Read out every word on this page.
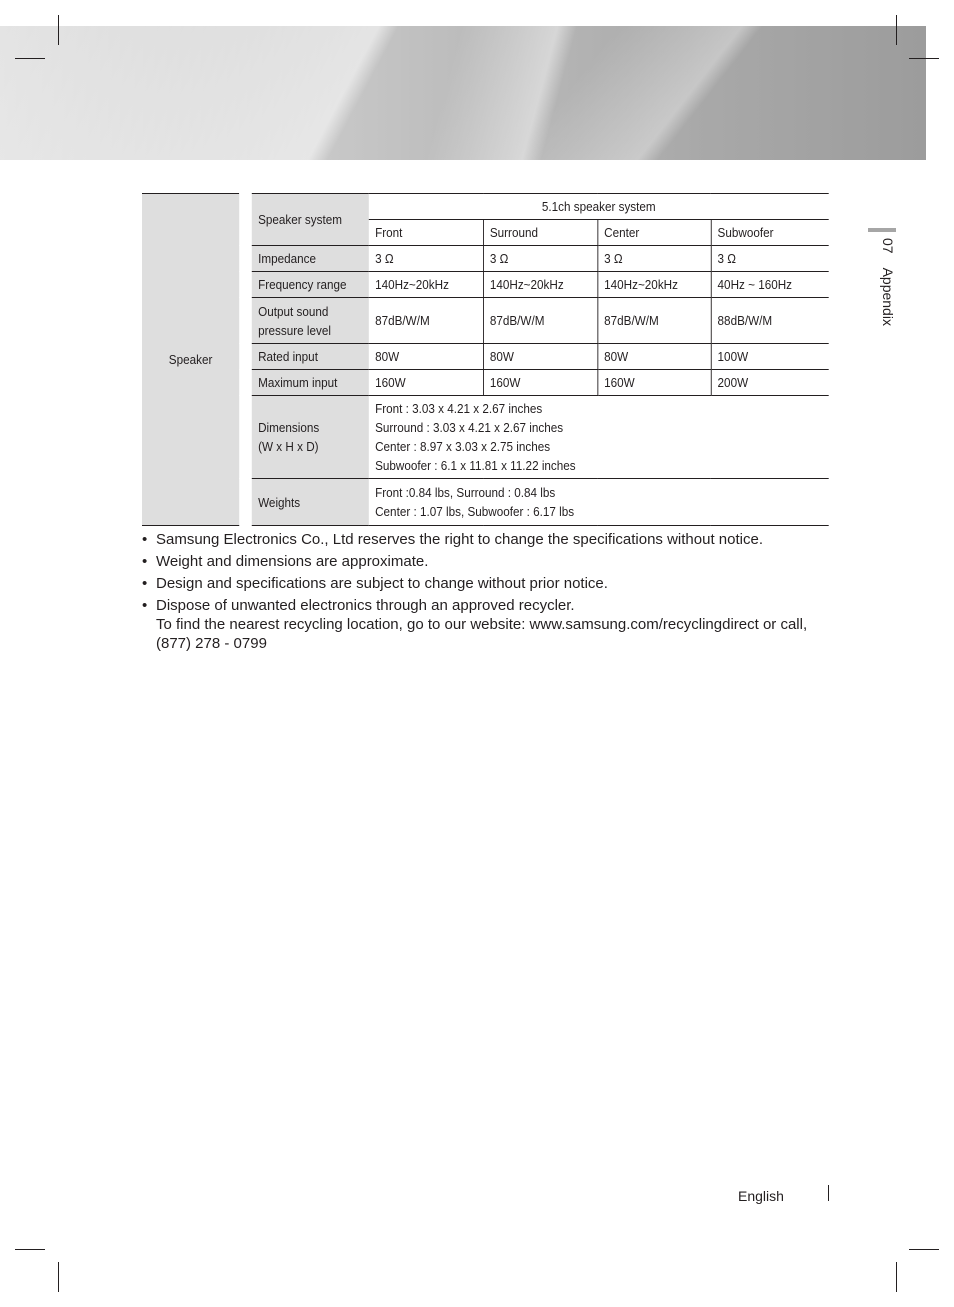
07Appendix
Speaker	Speaker system	5.1ch speaker system			
		Front	Surround	Center	Subwoofer
	Impedance	3 Ω	3 Ω	3 Ω	3 Ω
	Frequency range	140Hz~20kHz	140Hz~20kHz	140Hz~20kHz	40Hz ~ 160Hz

	Output sound
pressure level	87dB/W/M	87dB/W/M	87dB/W/M	88dB/W/M
	Rated input	80W	80W	80W	100W
	Maximum input	160W	160W	160W	200W

	Dimensions
(W x H x D)	Front : 3.03 x 4.21 x 2.67 inches
Surround : 3.03 x 4.21 x 2.67 inches
Center : 8.97 x 3.03 x 2.75 inches
Subwoofer : 6.1 x 11.81 x 11.22 inches			

	Weights	Front :0.84 lbs, Surround : 0.84 lbs
Center : 1.07 lbs, Subwoofer : 6.17 lbs			
• Samsung Electronics Co., Ltd reserves the right to change the specifications without notice.
• Weight and dimensions are approximate.
• Design and specifications are subject to change without prior notice.
• Dispose of unwanted electronics through an approved recycler.
To find the nearest recycling location, go to our website: www.samsung.com/recyclingdirect or call, (877) 278 - 0799
English
